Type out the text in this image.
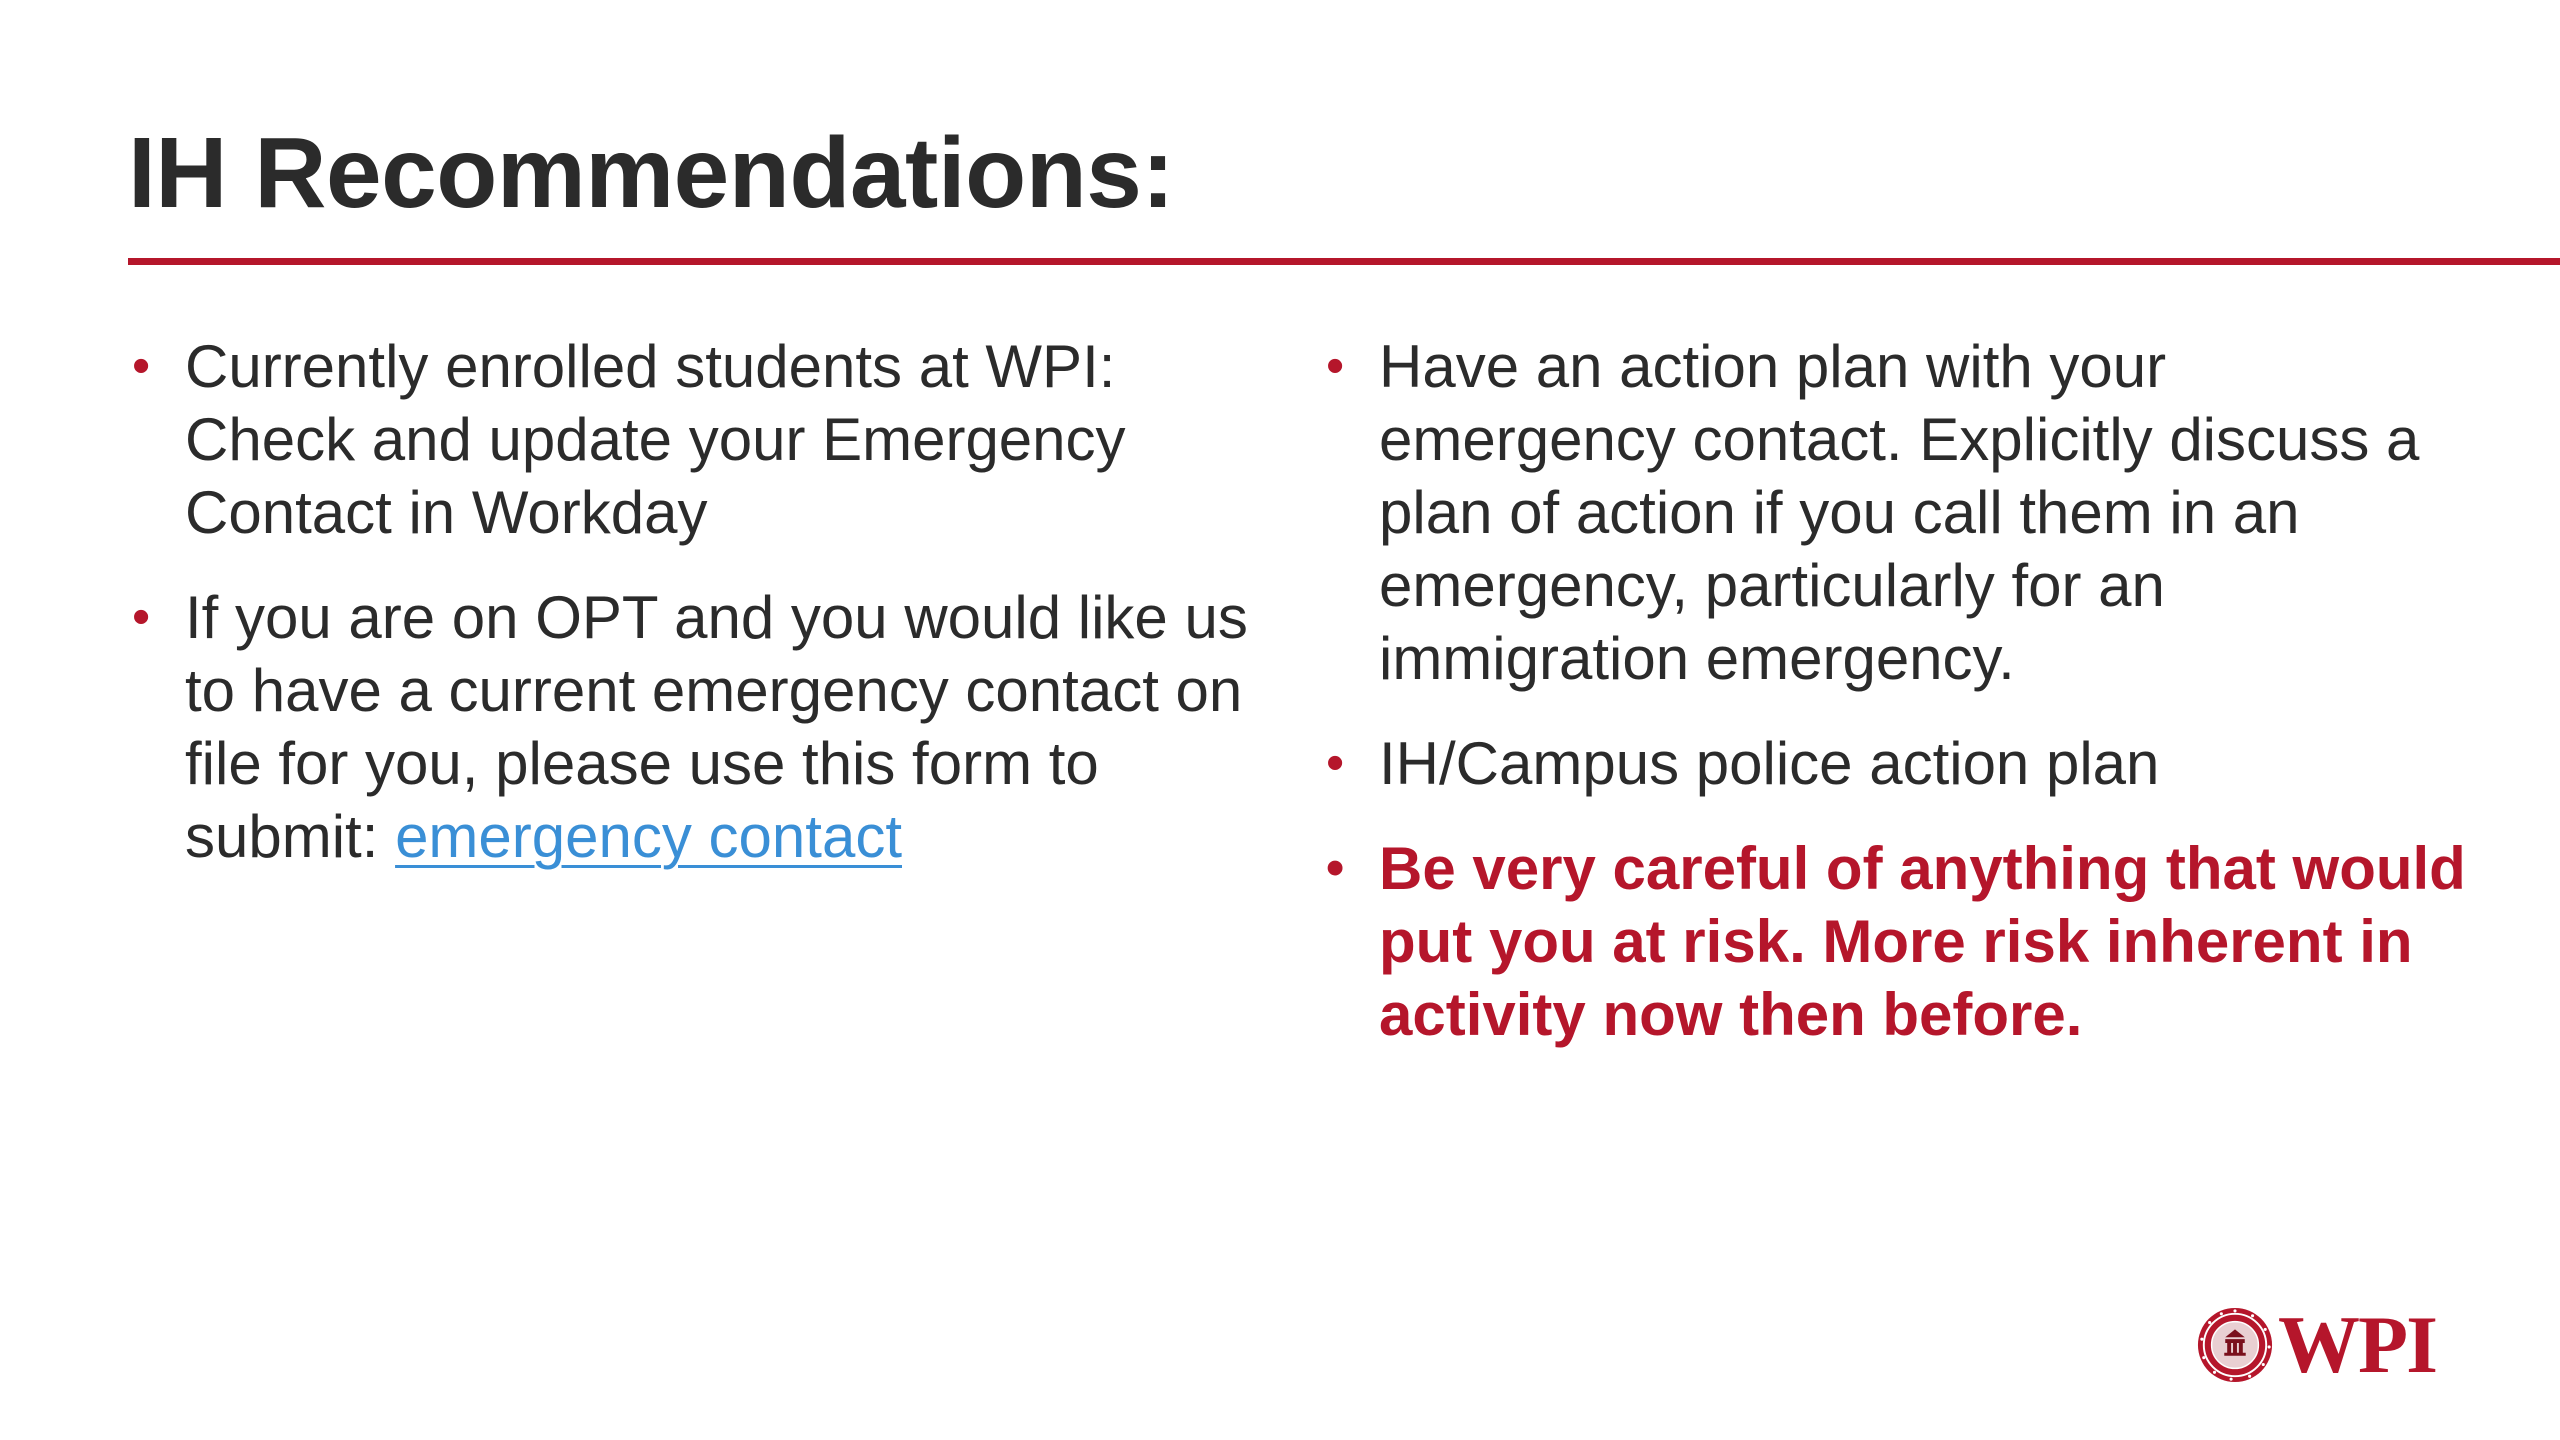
IH Recommendations:
• Currently enrolled students at WPI: Check and update your Emergency Contact in Workday
• If you are on OPT and you would like us to have a current emergency contact on file for you, please use this form to submit: emergency contact
• Have an action plan with your emergency contact. Explicitly discuss a plan of action if you call them in an emergency, particularly for an immigration emergency.
• IH/Campus police action plan
• Be very careful of anything that would put you at risk. More risk inherent in activity now then before.
WPI
